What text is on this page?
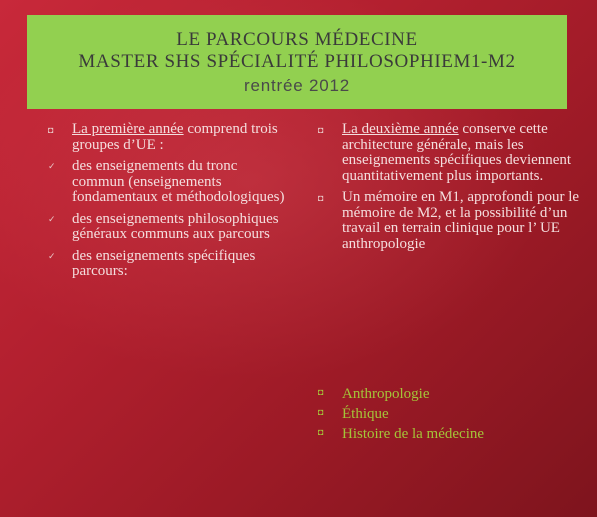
LE PARCOURS MÉDECINE
MASTER SHS SPÉCIALITÉ PHILOSOPHIEM1-M2
rentrée 2012
◘	La première année comprend trois groupes d’UE :
✓	des enseignements du tronc commun (enseignements fondamentaux et méthodologiques)
✓	des enseignements philosophiques généraux communs aux parcours
✓	des enseignements spécifiques parcours:
◘	La deuxième année conserve cette architecture générale, mais les enseignements spécifiques deviennent quantitativement plus importants.
◘	Un mémoire en M1, approfondi pour le mémoire de M2, et la possibilité d’un travail en terrain clinique pour l’ UE anthropologie
◘	Anthropologie
◘	Éthique
◘	Histoire de la médecine
